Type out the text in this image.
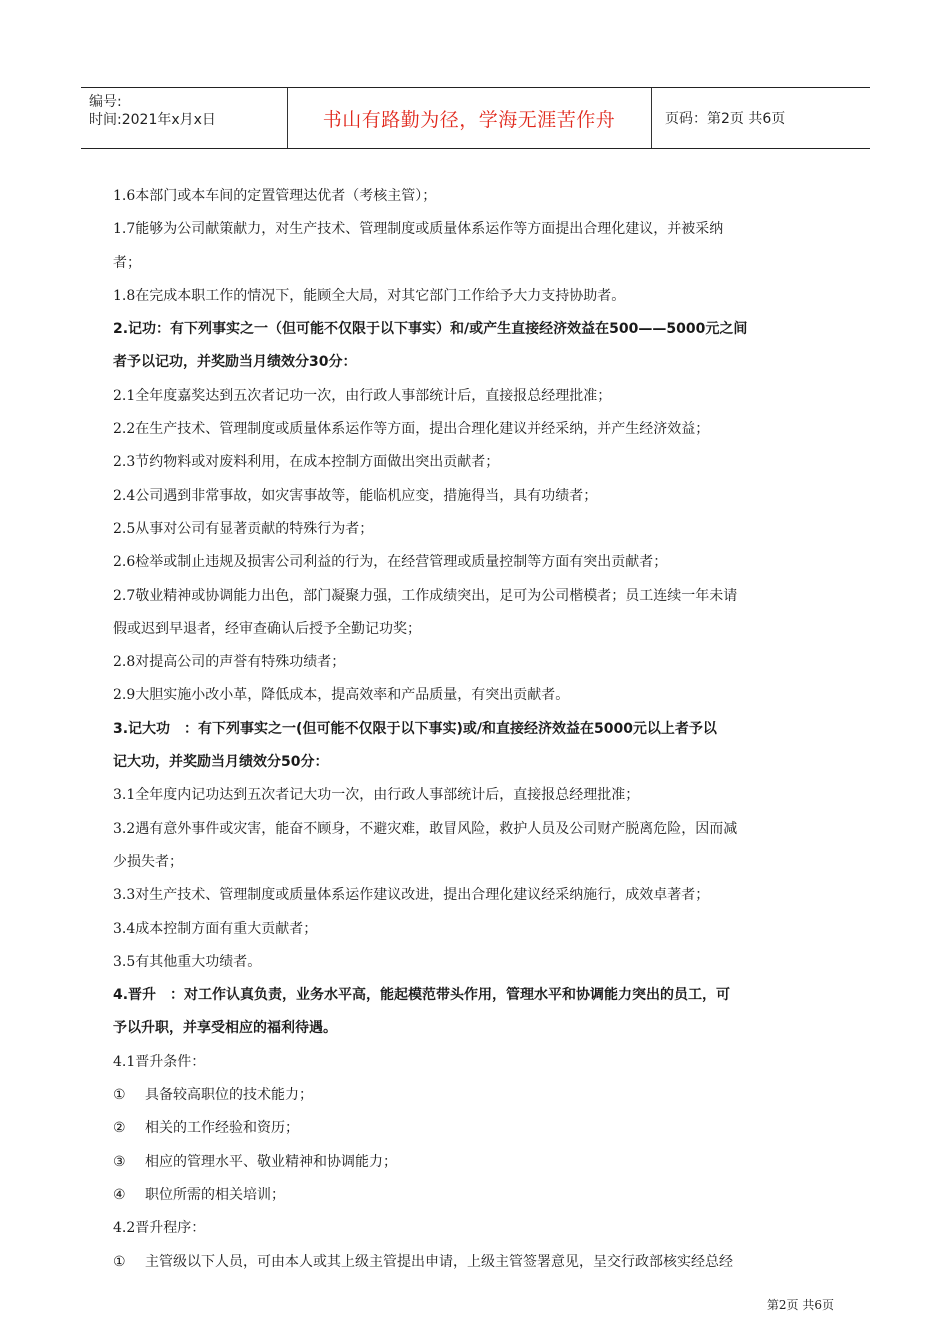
编号:
时间:2021年x月x日	书山有路勤为径，学海无涯苦作舟	页码：第2页 共6页
1.6本部门或本车间的定置管理达优者（考核主管）；
1.7能够为公司献策献力，对生产技术、管理制度或质量体系运作等方面提出合理化建议，并被采纳
者；
1.8在完成本职工作的情况下，能顾全大局，对其它部门工作给予大力支持协助者。
2.记功：有下列事实之一（但可能不仅限于以下事实）和/或产生直接经济效益在500——5000元之间
者予以记功，并奖励当月绩效分30分：
2.1全年度嘉奖达到五次者记功一次，由行政人事部统计后，直接报总经理批准；
2.2在生产技术、管理制度或质量体系运作等方面，提出合理化建议并经采纳，并产生经济效益；
2.3节约物料或对废料利用，在成本控制方面做出突出贡献者；
2.4公司遇到非常事故，如灾害事故等，能临机应变，措施得当，具有功绩者；
2.5从事对公司有显著贡献的特殊行为者；
2.6检举或制止违规及损害公司利益的行为，在经营管理或质量控制等方面有突出贡献者；
2.7敬业精神或协调能力出色，部门凝聚力强，工作成绩突出，足可为公司楷模者；员工连续一年未请
假或迟到早退者，经审查确认后授予全勤记功奖；
2.8对提高公司的声誉有特殊功绩者；
2.9大胆实施小改小革，降低成本，提高效率和产品质量，有突出贡献者。
3.记大功　：有下列事实之一(但可能不仅限于以下事实)或/和直接经济效益在5000元以上者予以
记大功，并奖励当月绩效分50分：
3.1全年度内记功达到五次者记大功一次，由行政人事部统计后，直接报总经理批准；
3.2遇有意外事件或灾害，能奋不顾身，不避灾难，敢冒风险，救护人员及公司财产脱离危险，因而减
少损失者；
3.3对生产技术、管理制度或质量体系运作建议改进，提出合理化建议经采纳施行，成效卓著者；
3.4成本控制方面有重大贡献者；
3.5有其他重大功绩者。
4.晋升　：对工作认真负责，业务水平高，能起模范带头作用，管理水平和协调能力突出的员工，可
予以升职，并享受相应的福利待遇。
4.1晋升条件：
① 具备较高职位的技术能力；
② 相关的工作经验和资历；
③ 相应的管理水平、敬业精神和协调能力；
④ 职位所需的相关培训；
4.2晋升程序：
① 主管级以下人员，可由本人或其上级主管提出申请，上级主管签署意见，呈交行政部核实经总经
第2页 共6页
